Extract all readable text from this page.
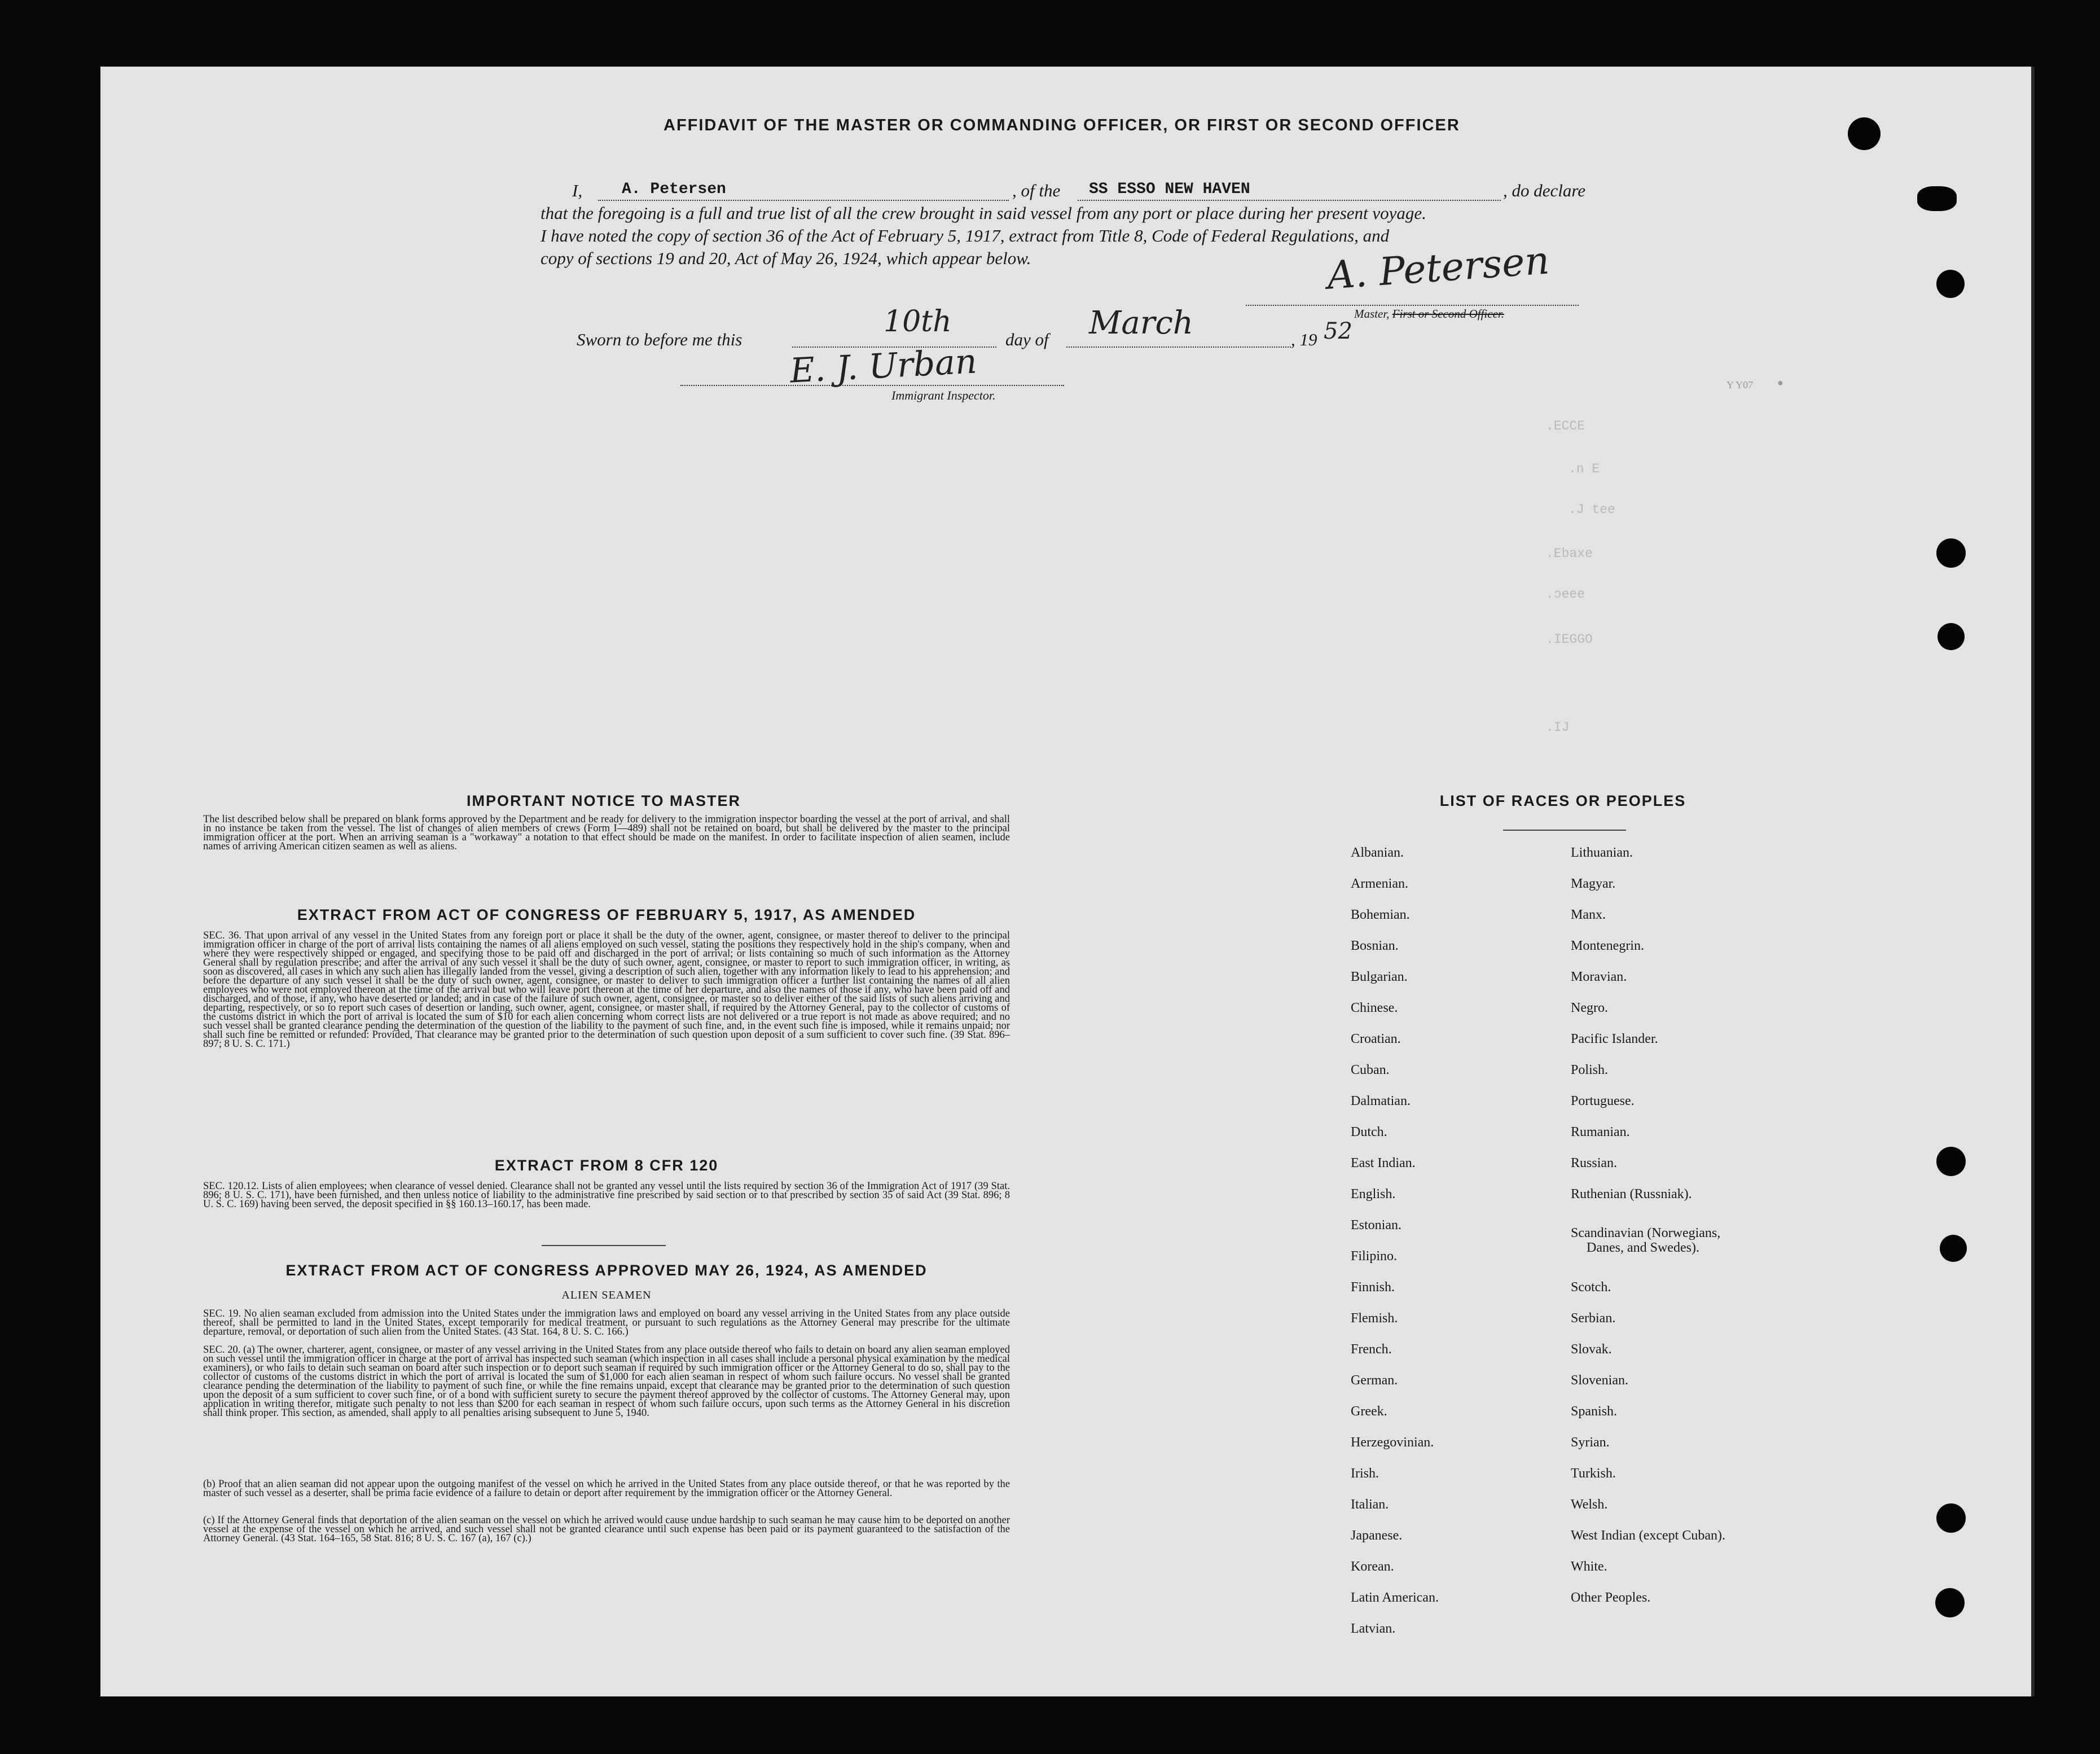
.ECCE
.n E
.J tee
.Ebaxe
.ɔeee
.IEGGO
.IJ
●
Y Y07
AFFIDAVIT OF THE MASTER OR COMMANDING OFFICER, OR FIRST OR SECOND OFFICER
I, A. Petersen	, of the SS ESSO NEW HAVEN	, do declare
that the foregoing is a full and true list of all the crew brought in said vessel from any port or place during her present voyage.
I have noted the copy of section 36 of the Act of February 5, 1917, extract from Title 8, Code of Federal Regulations, and
copy of sections 19 and 20, Act of May 26, 1924, which appear below.	A. Petersen
Master, First or Second Officer.
Sworn to before me this
10th
day of March	, 19 52
E. J. Urban
Immigrant Inspector.
IMPORTANT NOTICE TO MASTER
The list described below shall be prepared on blank forms approved by the Department and be ready for delivery to the immigration inspector boarding the vessel at the port of arrival, and shall in no instance be taken from the vessel. The list of changes of alien members of crews (Form I—489) shall not be retained on board, but shall be delivered by the master to the principal immigration officer at the port. When an arriving seaman is a "workaway" a notation to that effect should be made on the manifest. In order to facilitate inspection of alien seamen, include names of arriving American citizen seamen as well as aliens.
EXTRACT FROM ACT OF CONGRESS OF FEBRUARY 5, 1917, AS AMENDED
SEC. 36. That upon arrival of any vessel in the United States from any foreign port or place it shall be the duty of the owner, agent, consignee, or master thereof to deliver to the principal immigration officer in charge of the port of arrival lists containing the names of all aliens employed on such vessel, stating the positions they respectively hold in the ship's company, when and where they were respectively shipped or engaged, and specifying those to be paid off and discharged in the port of arrival; or lists containing so much of such information as the Attorney General shall by regulation prescribe; and after the arrival of any such vessel it shall be the duty of such owner, agent, consignee, or master to report to such immigration officer, in writing, as soon as discovered, all cases in which any such alien has illegally landed from the vessel, giving a description of such alien, together with any information likely to lead to his apprehension; and before the departure of any such vessel it shall be the duty of such owner, agent, consignee, or master to deliver to such immigration officer a further list containing the names of all alien employees who were not employed thereon at the time of the arrival but who will leave port thereon at the time of her departure, and also the names of those if any, who have been paid off and discharged, and of those, if any, who have deserted or landed; and in case of the failure of such owner, agent, consignee, or master so to deliver either of the said lists of such aliens arriving and departing, respectively, or so to report such cases of desertion or landing, such owner, agent, consignee, or master shall, if required by the Attorney General, pay to the collector of customs of the customs district in which the port of arrival is located the sum of $10 for each alien concerning whom correct lists are not delivered or a true report is not made as above required; and no such vessel shall be granted clearance pending the determination of the question of the liability to the payment of such fine, and, in the event such fine is imposed, while it remains unpaid; nor shall such fine be remitted or refunded: Provided, That clearance may be granted prior to the determination of such question upon deposit of a sum sufficient to cover such fine. (39 Stat. 896–897; 8 U. S. C. 171.)
EXTRACT FROM 8 CFR 120
SEC. 120.12. Lists of alien employees; when clearance of vessel denied. Clearance shall not be granted any vessel until the lists required by section 36 of the Immigration Act of 1917 (39 Stat. 896; 8 U. S. C. 171), have been furnished, and then unless notice of liability to the administrative fine prescribed by said section or to that prescribed by section 35 of said Act (39 Stat. 896; 8 U. S. C. 169) having been served, the deposit specified in §§ 160.13–160.17, has been made.
EXTRACT FROM ACT OF CONGRESS APPROVED MAY 26, 1924, AS AMENDED
ALIEN SEAMEN
SEC. 19. No alien seaman excluded from admission into the United States under the immigration laws and employed on board any vessel arriving in the United States from any place outside thereof, shall be permitted to land in the United States, except temporarily for medical treatment, or pursuant to such regulations as the Attorney General may prescribe for the ultimate departure, removal, or deportation of such alien from the United States. (43 Stat. 164, 8 U. S. C. 166.)
SEC. 20. (a) The owner, charterer, agent, consignee, or master of any vessel arriving in the United States from any place outside thereof who fails to detain on board any alien seaman employed on such vessel until the immigration officer in charge at the port of arrival has inspected such seaman (which inspection in all cases shall include a personal physical examination by the medical examiners), or who fails to detain such seaman on board after such inspection or to deport such seaman if required by such immigration officer or the Attorney General to do so, shall pay to the collector of customs of the customs district in which the port of arrival is located the sum of $1,000 for each alien seaman in respect of whom such failure occurs. No vessel shall be granted clearance pending the determination of the liability to payment of such fine, or while the fine remains unpaid, except that clearance may be granted prior to the determination of such question upon the deposit of a sum sufficient to cover such fine, or of a bond with sufficient surety to secure the payment thereof approved by the collector of customs. The Attorney General may, upon application in writing therefor, mitigate such penalty to not less than $200 for each seaman in respect of whom such failure occurs, upon such terms as the Attorney General in his discretion shall think proper. This section, as amended, shall apply to all penalties arising subsequent to June 5, 1940.
(b) Proof that an alien seaman did not appear upon the outgoing manifest of the vessel on which he arrived in the United States from any place outside thereof, or that he was reported by the master of such vessel as a deserter, shall be prima facie evidence of a failure to detain or deport after requirement by the immigration officer or the Attorney General.
(c) If the Attorney General finds that deportation of the alien seaman on the vessel on which he arrived would cause undue hardship to such seaman he may cause him to be deported on another vessel at the expense of the vessel on which he arrived, and such vessel shall not be granted clearance until such expense has been paid or its payment guaranteed to the satisfaction of the Attorney General. (43 Stat. 164–165, 58 Stat. 816; 8 U. S. C. 167 (a), 167 (c).)
LIST OF RACES OR PEOPLES
Albanian.
Armenian.
Bohemian.
Bosnian.
Bulgarian.
Chinese.
Croatian.
Cuban.
Dalmatian.
Dutch.
East Indian.
English.
Estonian.
Filipino.
Finnish.
Flemish.
French.
German.
Greek.
Herzegovinian.
Irish.
Italian.
Japanese.
Korean.
Latin American.
Latvian.
Lithuanian.
Magyar.
Manx.
Montenegrin.
Moravian.
Negro.
Pacific Islander.
Polish.
Portuguese.
Rumanian.
Russian.
Ruthenian (Russniak).
Scandinavian (Norwegians,
Danes, and Swedes).
Scotch.
Serbian.
Slovak.
Slovenian.
Spanish.
Syrian.
Turkish.
Welsh.
West Indian (except Cuban).
White.
Other Peoples.
